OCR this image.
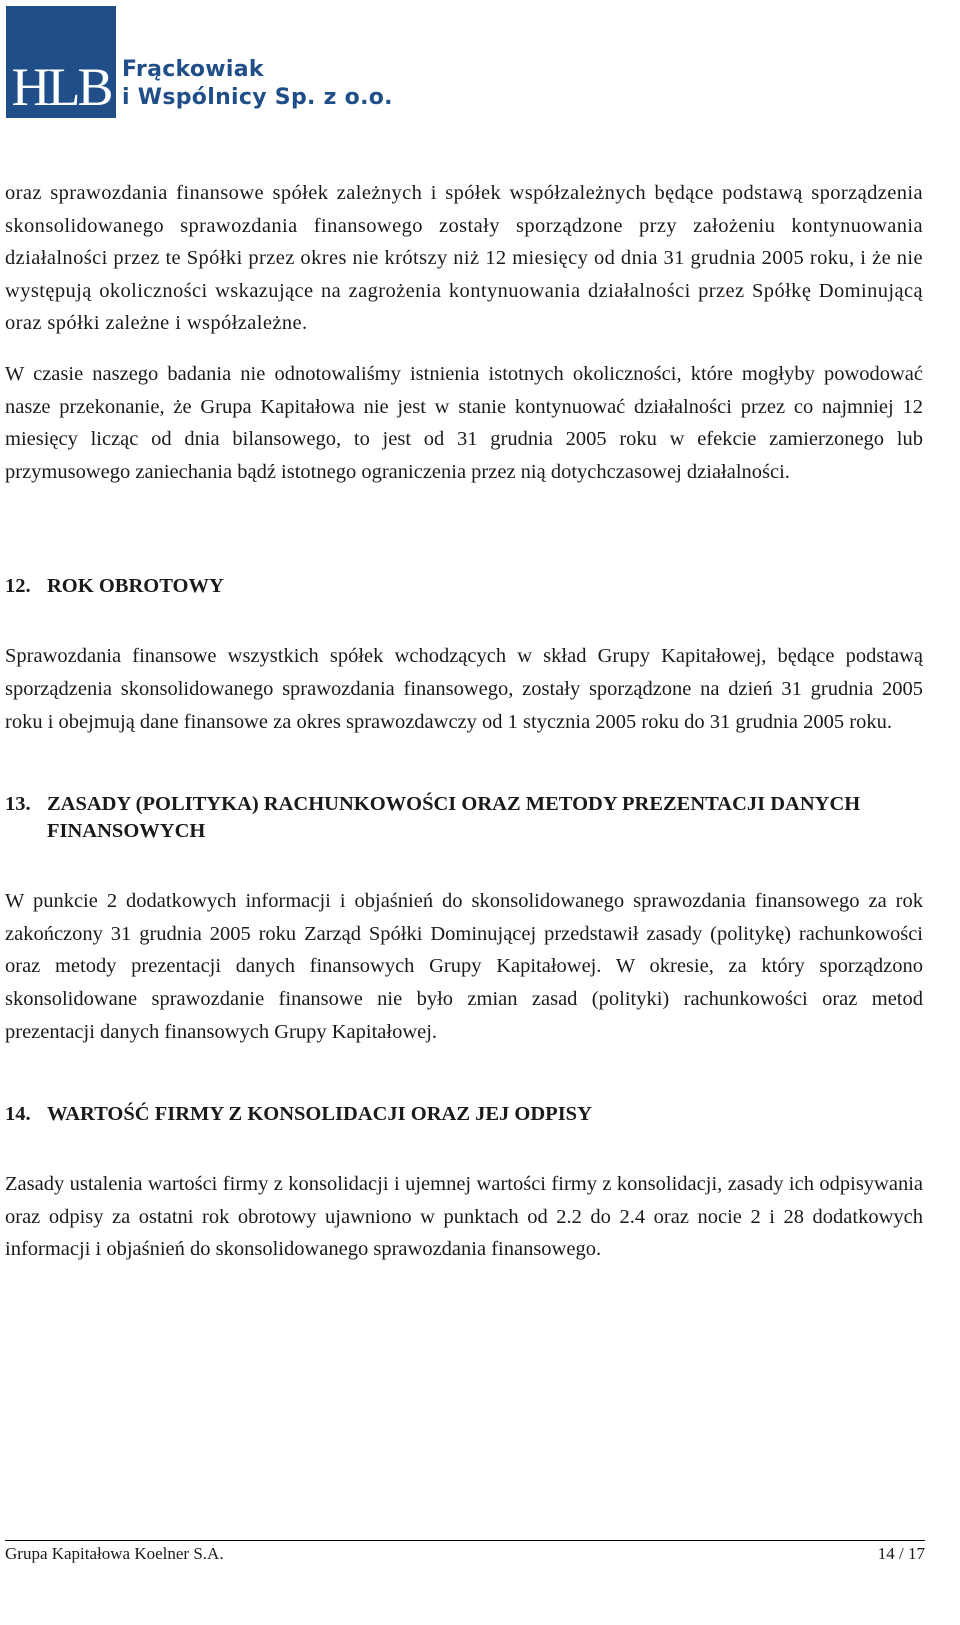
HLB Frąckowiak
i Wspólnicy Sp. z o.o.

oraz sprawozdania finansowe spółek zależnych i spółek współzależnych będące podstawą sporządzenia skonsolidowanego sprawozdania finansowego zostały sporządzone przy założeniu kontynuowania działalności przez te Spółki przez okres nie krótszy niż 12 miesięcy od dnia 31 grudnia 2005 roku, i że nie występują okoliczności wskazujące na zagrożenia kontynuowania działalności przez Spółkę Dominującą oraz spółki zależne i współzależne.

W czasie naszego badania nie odnotowaliśmy istnienia istotnych okoliczności, które mogłyby powodować nasze przekonanie, że Grupa Kapitałowa nie jest w stanie kontynuować działalności przez co najmniej 12 miesięcy licząc od dnia bilansowego, to jest od 31 grudnia 2005 roku w efekcie zamierzonego lub przymusowego zaniechania bądź istotnego ograniczenia przez nią dotychczasowej działalności.

12. ROK OBROTOWY

Sprawozdania finansowe wszystkich spółek wchodzących w skład Grupy Kapitałowej, będące podstawą sporządzenia skonsolidowanego sprawozdania finansowego, zostały sporządzone na dzień 31 grudnia 2005 roku i obejmują dane finansowe za okres sprawozdawczy od 1 stycznia 2005 roku do 31 grudnia 2005 roku.

13. ZASADY (POLITYKA) RACHUNKOWOŚCI ORAZ METODY PREZENTACJI DANYCH FINANSOWYCH

W punkcie 2 dodatkowych informacji i objaśnień do skonsolidowanego sprawozdania finansowego za rok zakończony 31 grudnia 2005 roku Zarząd Spółki Dominującej przedstawił zasady (politykę) rachunkowości oraz metody prezentacji danych finansowych Grupy Kapitałowej. W okresie, za który sporządzono skonsolidowane sprawozdanie finansowe nie było zmian zasad (polityki) rachunkowości oraz metod prezentacji danych finansowych Grupy Kapitałowej.

14. WARTOŚĆ FIRMY Z KONSOLIDACJI ORAZ JEJ ODPISY

Zasady ustalenia wartości firmy z konsolidacji i ujemnej wartości firmy z konsolidacji, zasady ich odpisywania oraz odpisy za ostatni rok obrotowy ujawniono w punktach od 2.2 do 2.4 oraz nocie 2 i 28 dodatkowych informacji i objaśnień do skonsolidowanego sprawozdania finansowego.

Grupa Kapitałowa Koelner S.A.	14 / 17
